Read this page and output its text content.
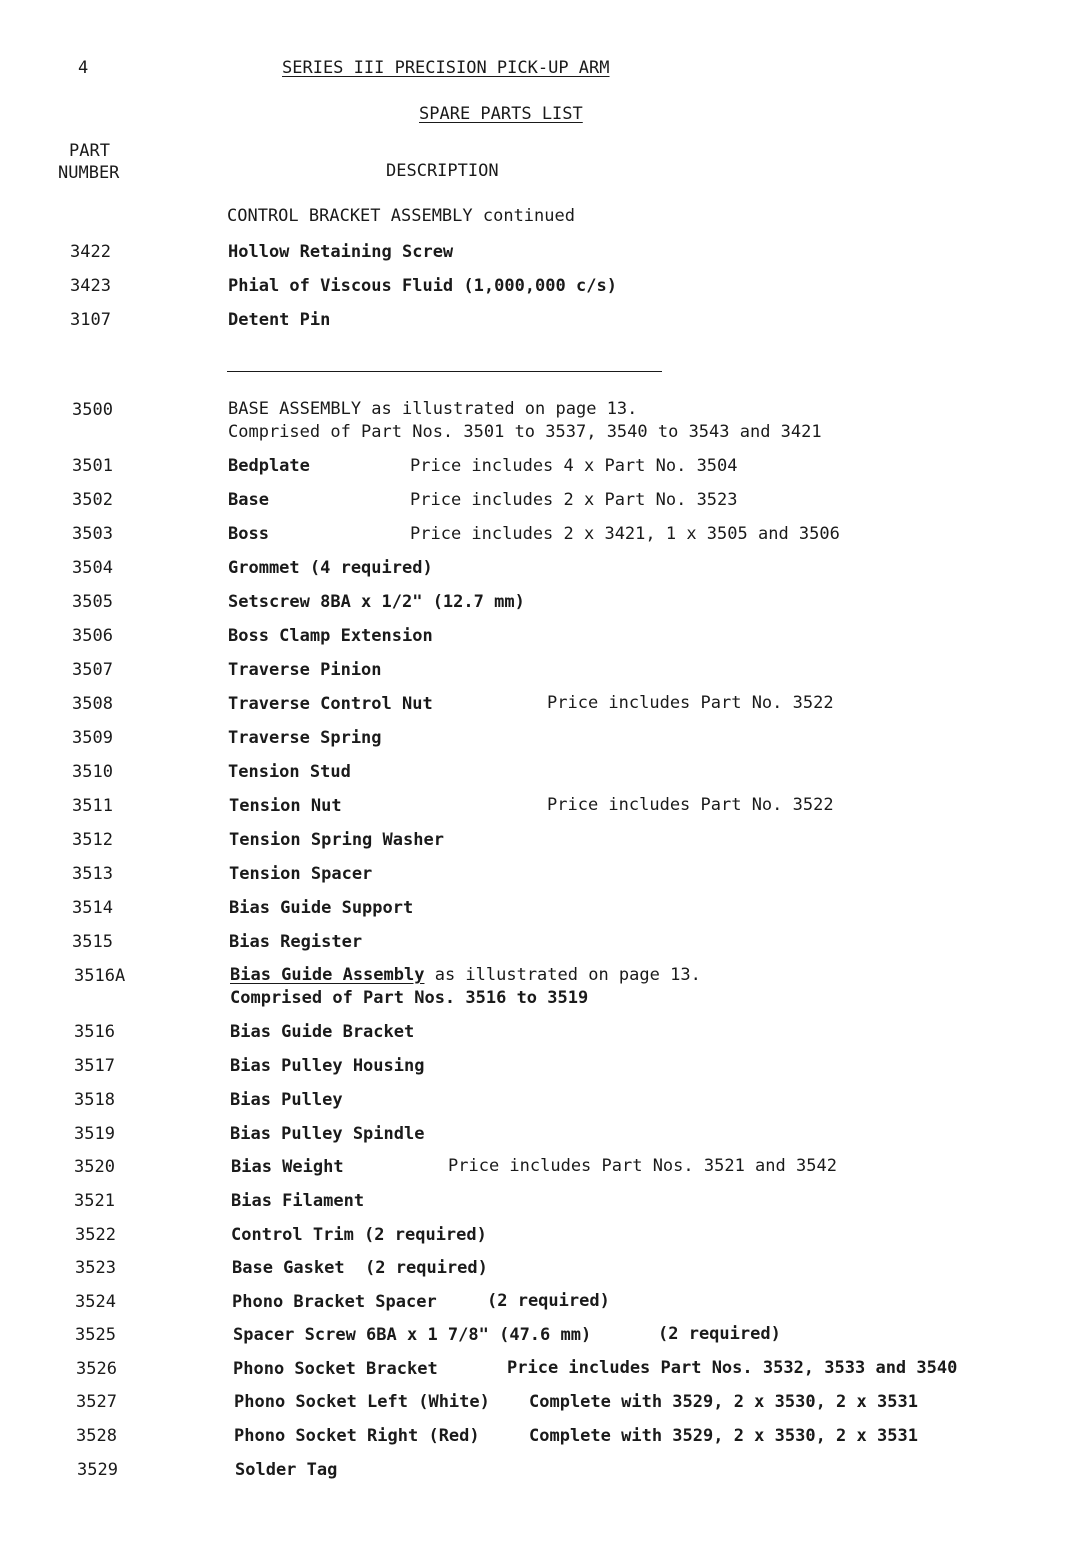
4	SERIES III PRECISION PICK-UP ARM
SPARE PARTS LIST
PART
NUMBER	DESCRIPTION
CONTROL BRACKET ASSEMBLY continued
3422	Hollow Retaining Screw
3423	Phial of Viscous Fluid (1,000,000 c/s)
3107	Detent Pin
3500	BASE ASSEMBLY as illustrated on page 13.
Comprised of Part Nos. 3501 to 3537, 3540 to 3543 and 3421
3501	Bedplate	Price includes 4 x Part No. 3504
3502	Base	Price includes 2 x Part No. 3523
3503	Boss	Price includes 2 x 3421, 1 x 3505 and 3506
3504	Grommet (4 required)
3505	Setscrew 8BA x 1/2" (12.7 mm)
3506	Boss Clamp Extension
3507	Traverse Pinion
3508	Traverse Control Nut	Price includes Part No. 3522
3509	Traverse Spring
3510	Tension Stud
3511	Tension Nut	Price includes Part No. 3522
3512	Tension Spring Washer
3513	Tension Spacer
3514	Bias Guide Support
3515	Bias Register
3516A	Bias Guide Assembly as illustrated on page 13.
Comprised of Part Nos. 3516 to 3519
3516	Bias Guide Bracket
3517	Bias Pulley Housing
3518	Bias Pulley
3519	Bias Pulley Spindle
3520	Bias Weight	Price includes Part Nos. 3521 and 3542
3521	Bias Filament
3522	Control Trim (2 required)
3523	Base Gasket  (2 required)
3524	Phono Bracket Spacer	(2 required)
3525	Spacer Screw 6BA x 1 7/8" (47.6 mm)	(2 required)
3526	Phono Socket Bracket	Price includes Part Nos. 3532, 3533 and 3540
3527	Phono Socket Left (White) Complete with 3529, 2 x 3530, 2 x 3531
3528	Phono Socket Right (Red)	Complete with 3529, 2 x 3530, 2 x 3531
3529	Solder Tag
